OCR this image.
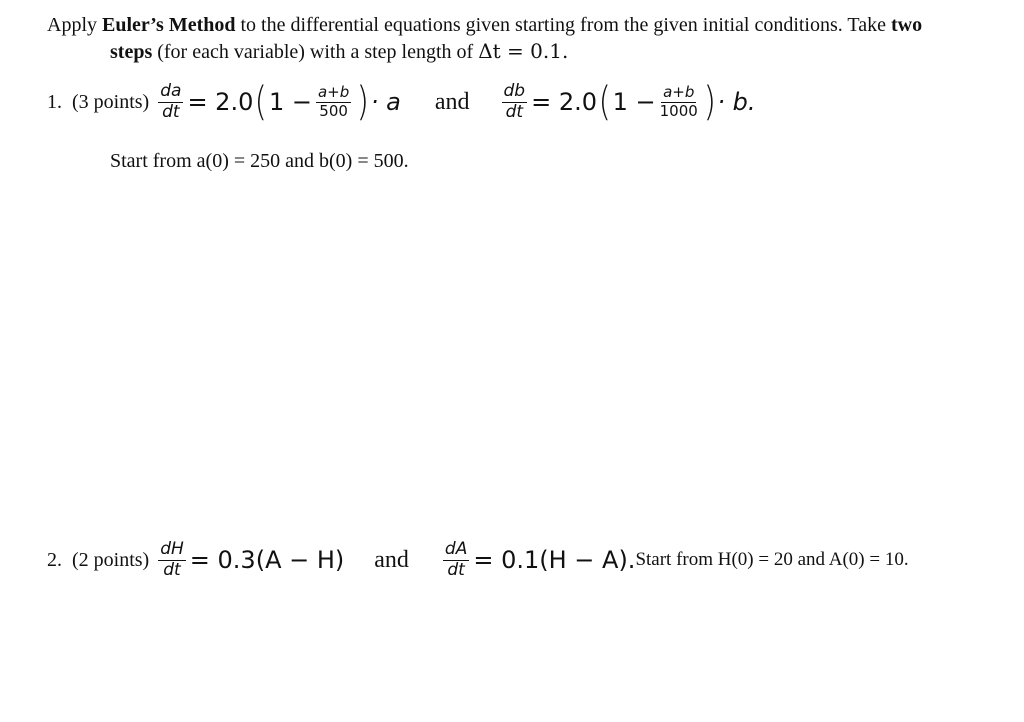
Apply Euler’s Method to the differential equations given starting from the given initial conditions. Take two
steps (for each variable) with a step length of Δt = 0.1.
1.  (3 points) $\frac{da}{dt} = 2.0$ ( $1 - \frac{a+b}{500}$ ) · a and $\frac{db}{dt} = 2.0$ ( $1 - \frac{a+b}{1000}$ ) · b.
Start from a(0) = 250 and b(0) = 500.
2.  (2 points) $\frac{dH}{dt} = 0.3(A - H)$ and $\frac{dA}{dt} = 0.1(H - A)$. Start from H(0) = 20 and A(0) = 10.
